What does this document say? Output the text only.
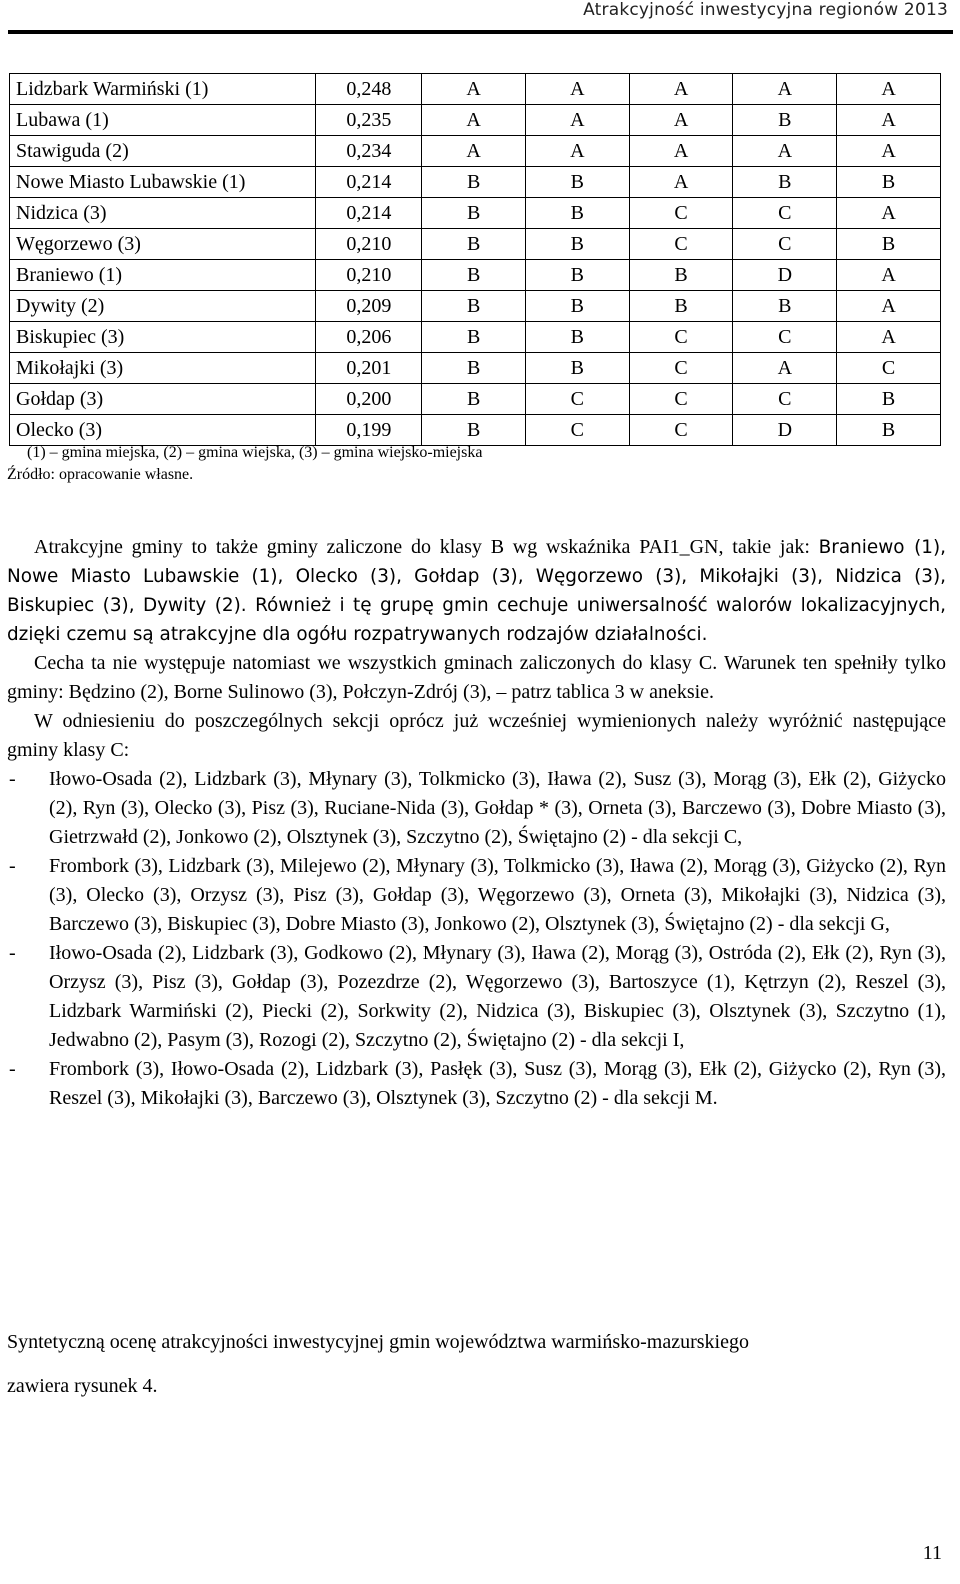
Atrakcyjność inwestycyjna regionów 2013
Lidzbark Warmiński (1)	0,248	A	A	A	A	A
Lubawa (1)	0,235	A	A	A	B	A
Stawiguda (2)	0,234	A	A	A	A	A
Nowe Miasto Lubawskie (1)	0,214	B	B	A	B	B
Nidzica (3)	0,214	B	B	C	C	A
Węgorzewo (3)	0,210	B	B	C	C	B
Braniewo (1)	0,210	B	B	B	D	A
Dywity (2)	0,209	B	B	B	B	A
Biskupiec (3)	0,206	B	B	C	C	A
Mikołajki (3)	0,201	B	B	C	A	C
Gołdap (3)	0,200	B	C	C	C	B
Olecko (3)	0,199	B	C	C	D	B
(1) – gmina miejska, (2) – gmina wiejska, (3) – gmina wiejsko-miejska
Źródło: opracowanie własne.

Atrakcyjne gminy to także gminy zaliczone do klasy B wg wskaźnika PAI1_GN, takie jak: Braniewo (1), Nowe Miasto Lubawskie (1), Olecko (3), Gołdap (3), Węgorzewo (3), Mikołajki (3), Nidzica (3), Biskupiec (3), Dywity (2). Również i tę grupę gmin cechuje uniwersalność walorów lokalizacyjnych, dzięki czemu są atrakcyjne dla ogółu rozpatrywanych rodzajów działalności.

Cecha ta nie występuje natomiast we wszystkich gminach zaliczonych do klasy C. Warunek ten spełniły tylko gminy: Będzino (2), Borne Sulinowo (3), Połczyn-Zdrój (3), – patrz tablica 3 w aneksie.

W odniesieniu do poszczególnych sekcji oprócz już wcześniej wymienionych należy wyróżnić następujące gminy klasy C:

- Iłowo-Osada (2), Lidzbark (3), Młynary (3), Tolkmicko (3), Iława (2), Susz (3), Morąg (3), Ełk (2), Giżycko (2), Ryn (3), Olecko (3), Pisz (3), Ruciane-Nida (3), Gołdap * (3), Orneta (3), Barczewo (3), Dobre Miasto (3), Gietrzwałd (2), Jonkowo (2), Olsztynek (3), Szczytno (2), Świętajno (2) - dla sekcji C,
- Frombork (3), Lidzbark (3), Milejewo (2), Młynary (3), Tolkmicko (3), Iława (2), Morąg (3), Giżycko (2), Ryn (3), Olecko (3), Orzysz (3), Pisz (3), Gołdap (3), Węgorzewo (3), Orneta (3), Mikołajki (3), Nidzica (3), Barczewo (3), Biskupiec (3), Dobre Miasto (3), Jonkowo (2), Olsztynek (3), Świętajno (2) - dla sekcji G,
- Iłowo-Osada (2), Lidzbark (3), Godkowo (2), Młynary (3), Iława (2), Morąg (3), Ostróda (2), Ełk (2), Ryn (3), Orzysz (3), Pisz (3), Gołdap (3), Pozezdrze (2), Węgorzewo (3), Bartoszyce (1), Kętrzyn (2), Reszel (3), Lidzbark Warmiński (2), Piecki (2), Sorkwity (2), Nidzica (3), Biskupiec (3), Olsztynek (3), Szczytno (1), Jedwabno (2), Pasym (3), Rozogi (2), Szczytno (2), Świętajno (2) - dla sekcji I,
- Frombork (3), Iłowo-Osada (2), Lidzbark (3), Pasłęk (3), Susz (3), Morąg (3), Ełk (2), Giżycko (2), Ryn (3), Reszel (3), Mikołajki (3), Barczewo (3), Olsztynek (3), Szczytno (2) - dla sekcji M.
Syntetyczną ocenę atrakcyjności inwestycyjnej gmin województwa warmińsko-mazurskiego
zawiera rysunek 4.
11
